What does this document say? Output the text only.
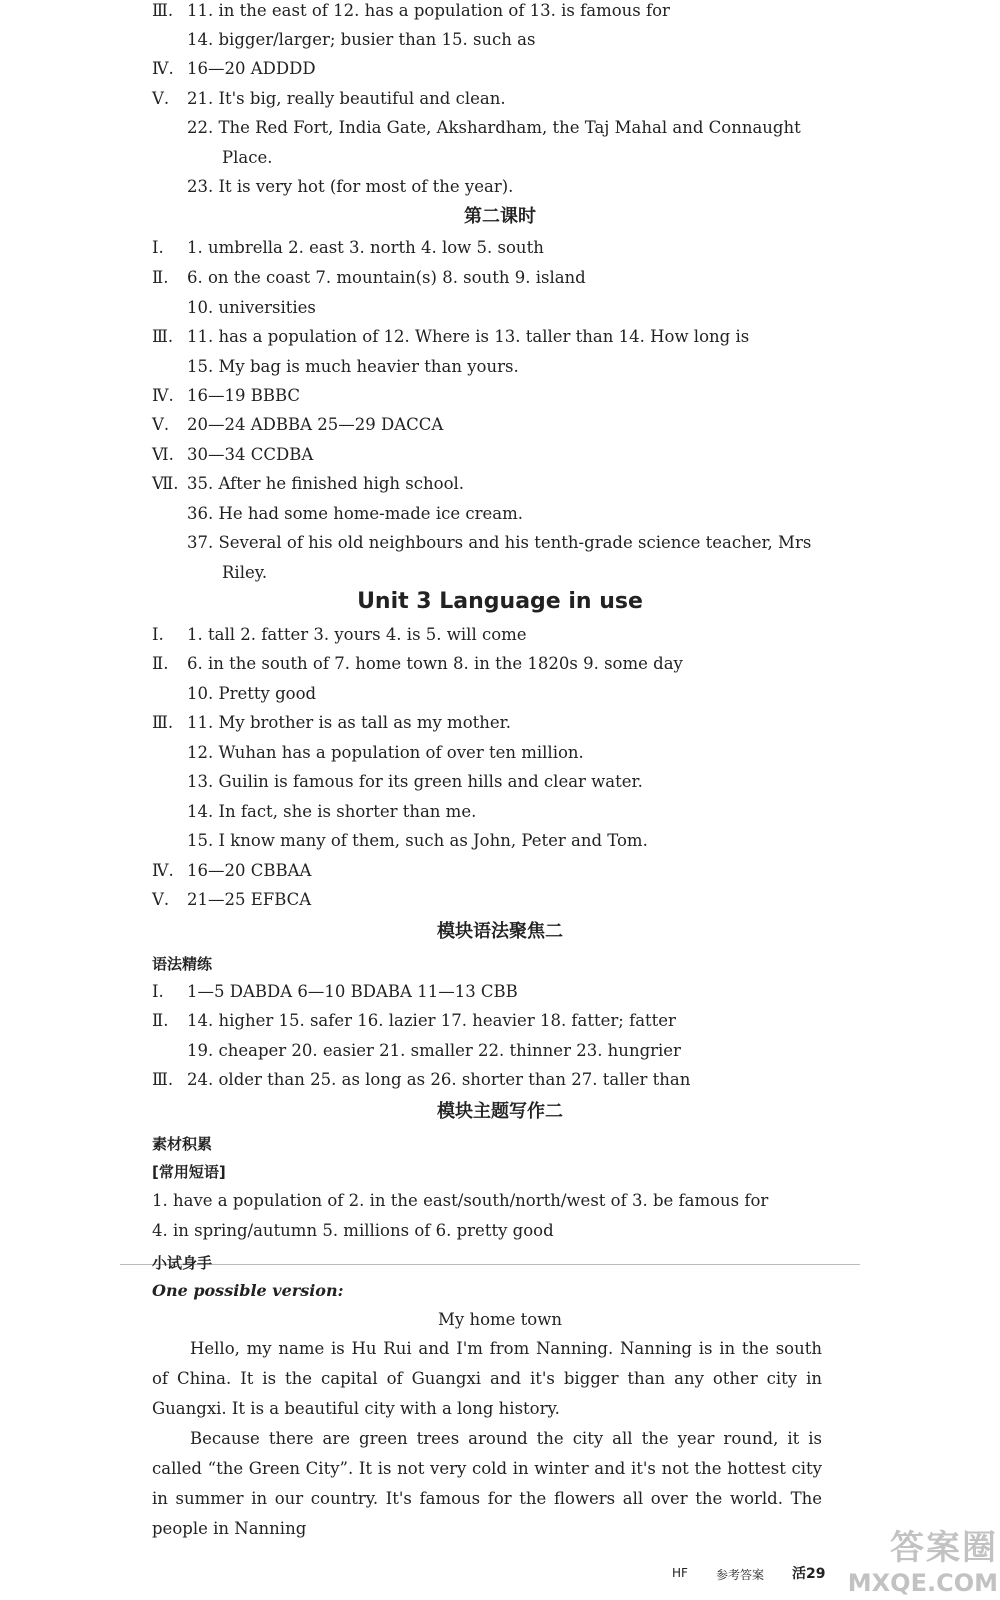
Ⅲ. 11. in the east of 12. has a population of 13. is famous for
14. bigger/larger; busier than 15. such as
Ⅳ. 16—20 ADDDD
Ⅴ. 21. It's big, really beautiful and clean.
22. The Red Fort, India Gate, Akshardham, the Taj Mahal and Connaught
Place.
23. It is very hot (for most of the year).
第二课时
Ⅰ. 1. umbrella 2. east 3. north 4. low 5. south
Ⅱ. 6. on the coast 7. mountain(s) 8. south 9. island
10. universities
Ⅲ. 11. has a population of 12. Where is 13. taller than 14. How long is
15. My bag is much heavier than yours.
Ⅳ. 16—19 BBBC
Ⅴ. 20—24 ADBBA 25—29 DACCA
Ⅵ. 30—34 CCDBA
Ⅶ. 35. After he finished high school.
36. He had some home-made ice cream.
37. Several of his old neighbours and his tenth-grade science teacher, Mrs
Riley.
Unit 3 Language in use
Ⅰ. 1. tall 2. fatter 3. yours 4. is 5. will come
Ⅱ. 6. in the south of 7. home town 8. in the 1820s 9. some day
10. Pretty good
Ⅲ. 11. My brother is as tall as my mother.
12. Wuhan has a population of over ten million.
13. Guilin is famous for its green hills and clear water.
14. In fact, she is shorter than me.
15. I know many of them, such as John, Peter and Tom.
Ⅳ. 16—20 CBBAA
Ⅴ. 21—25 EFBCA
模块语法聚焦二
语法精练
Ⅰ. 1—5 DABDA 6—10 BDABA 11—13 CBB
Ⅱ. 14. higher 15. safer 16. lazier 17. heavier 18. fatter; fatter
19. cheaper 20. easier 21. smaller 22. thinner 23. hungrier
Ⅲ. 24. older than 25. as long as 26. shorter than 27. taller than
模块主题写作二
素材积累
[常用短语]
1. have a population of 2. in the east/south/north/west of 3. be famous for
4. in spring/autumn 5. millions of 6. pretty good
小试身手
One possible version:
My home town
Hello, my name is Hu Rui and I'm from Nanning. Nanning is in the south of China. It is the capital of Guangxi and it's bigger than any other city in Guangxi. It is a beautiful city with a long history.
Because there are green trees around the city all the year round, it is called “the Green City”. It is not very cold in winter and it's not the hottest city in summer in our country. It's famous for the flowers all over the world. The people in Nanning
HF 参考答案 活29
答案圈
MXQE.COM
